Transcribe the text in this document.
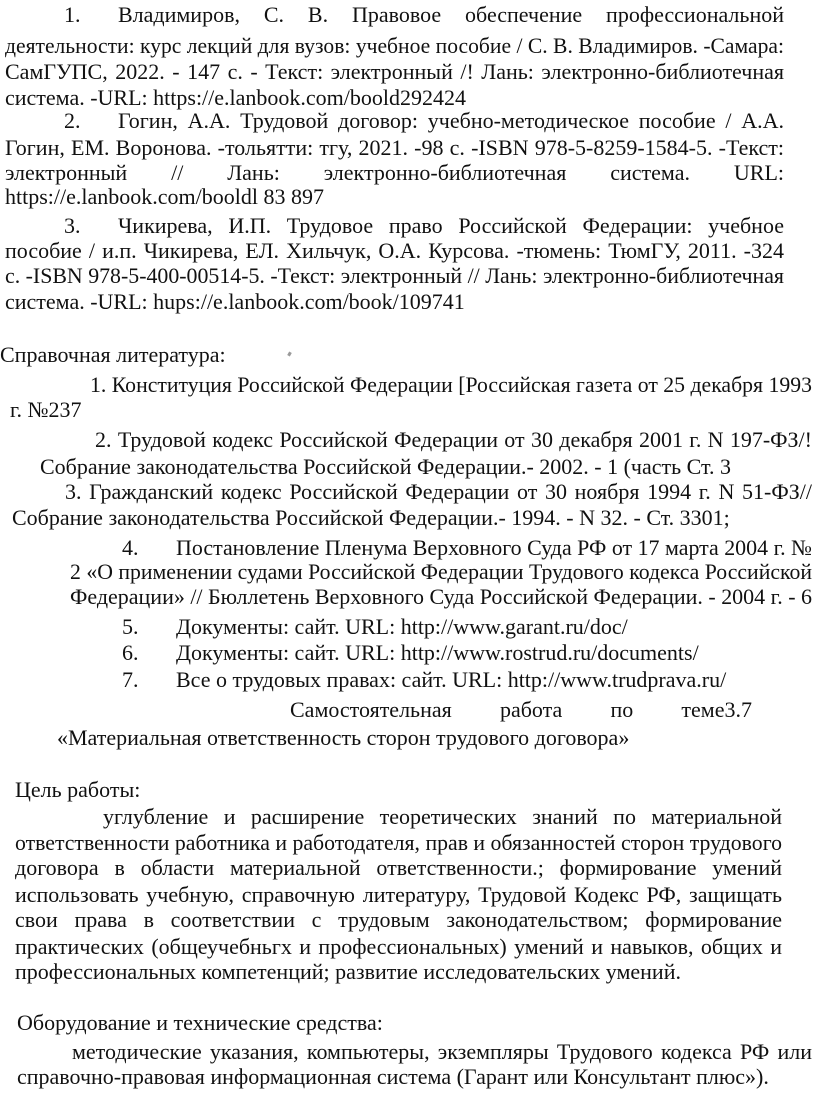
1. Владимиров, С. В. Правовое обеспечение профессиональной
деятельности: курс лекций для вузов: учебное пособие / С. В. Владимиров. -Самара:
СамГУПС, 2022. - 147 с. - Текст: электронный /! Лань: электронно-библиотечная
система. -URL: https://e.lanbook.com/boold292424
2. Гогин, А.А. Трудовой договор: учебно-методическое пособие / А.А.
Гогин, ЕМ. Воронова. -тольятти: тгу, 2021. -98 с. -ISBN 978-5-8259-1584-5. -Текст:
электронный // Лань: электронно-библиотечная система. URL:
https://e.lanbook.com/booldl 83 897
3. Чикирева, И.П. Трудовое право Российской Федерации: учебное
пособие / и.п. Чикирева, ЕЛ. Хильчук, О.А. Курсова. -тюмень: ТюмГУ, 2011. -324
с. -ISBN 978-5-400-00514-5. -Текст: электронный // Лань: электронно-библиотечная
система. -URL: hups://e.lanbook.com/book/109741
Справочная литература:
1. Конституция Российской Федерации [Российская газета от 25 декабря 1993
г. №237
2. Трудовой кодекс Российской Федерации от 30 декабря 2001 г. N 197-ФЗ/!
Собрание законодательства Российской Федерации.- 2002. - 1 (часть Ст. 3
3. Гражданский кодекс Российской Федерации от 30 ноября 1994 г. N 51-ФЗ//
Собрание законодательства Российской Федерации.- 1994. - N 32. - Ст. 3301;
4. Постановление Пленума Верховного Суда РФ от 17 марта 2004 г. №
2 «О применении судами Российской Федерации Трудового кодекса Российской
Федерации» // Бюллетень Верховного Суда Российской Федерации. - 2004 г. - 6
5. Документы: сайт. URL: http://www.garant.ru/doc/
6. Документы: сайт. URL: http://www.rostrud.ru/documents/
7. Все о трудовых правах: сайт. URL: http://www.trudprava.ru/
Самостоятельная работа по теме3.7
«Материальная ответственность сторон трудового договора»
Цель работы:
углубление и расширение теоретических знаний по материальной
ответственности работника и работодателя, прав и обязанностей сторон трудового
договора в области материальной ответственности.; формирование умений
использовать учебную, справочную литературу, Трудовой Кодекс РФ, защищать
свои права в соответствии с трудовым законодательством; формирование
практических (общеучебньгх и профессиональных) умений и навыков, общих и
профессиональных компетенций; развитие исследовательских умений.
Оборудование и технические средства:
методические указания, компьютеры, экземпляры Трудового кодекса РФ или
справочно-правовая информационная система (Гарант или Консультант плюс»).
